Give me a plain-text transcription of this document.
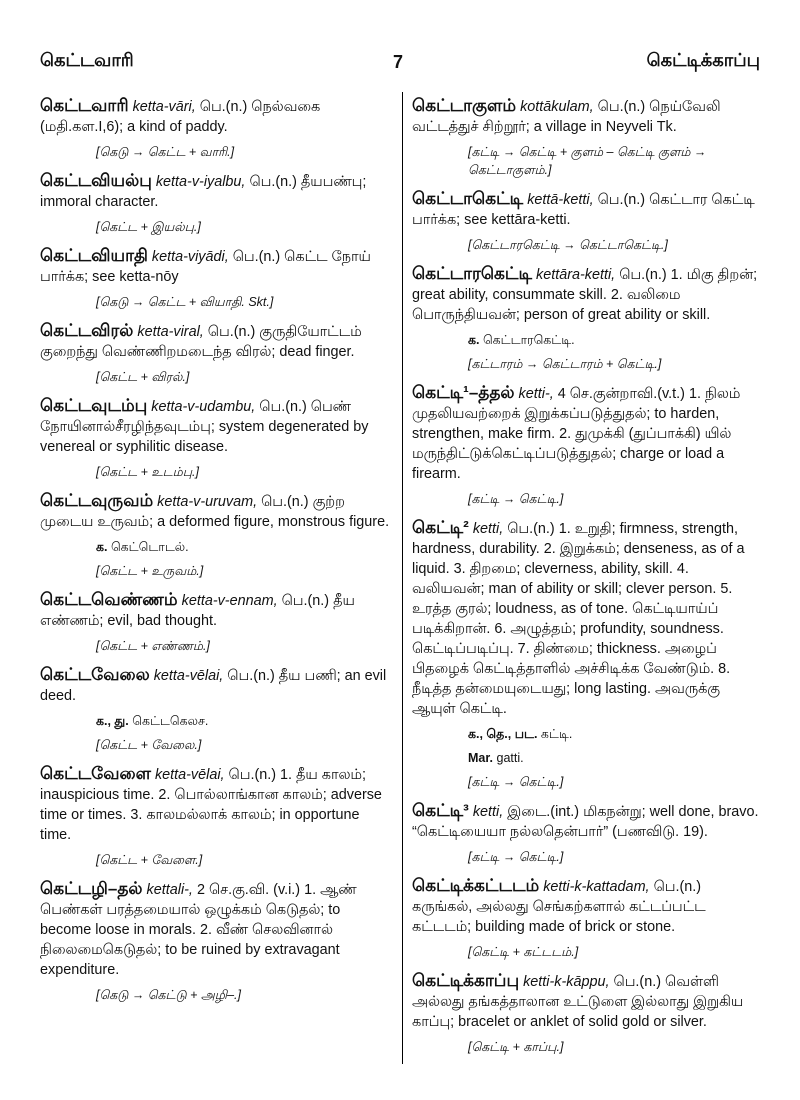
கெட்டவாரி	7	கெட்டிக்காப்பு
கெட்டவாரி ketta-vāri, பெ.(n.) நெல்வகை (மதி.கள.I,6); a kind of paddy.
[கெடு → கெட்ட + வாரி.]
கெட்டவியல்பு ketta-v-iyalbu, பெ.(n.) தீயபண்பு; immoral character.
[கெட்ட + இயல்பு.]
கெட்டவியாதி ketta-viyādi, பெ.(n.) கெட்ட நோய் பார்க்க; see ketta-nōy
[கெடு → கெட்ட + வியாதி. Skt.]
கெட்டவிரல் ketta-viral, பெ.(n.) குருதியோட்டம் குறைந்து வெண்ணிறமடைந்த விரல்; dead finger.
[கெட்ட + விரல்.]
கெட்டவுடம்பு ketta-v-udambu, பெ.(n.) பெண் நோயினால்சீரழிந்தவுடம்பு; system degenerated by venereal or syphilitic disease.
[கெட்ட + உடம்பு.]
கெட்டவுருவம் ketta-v-uruvam, பெ.(n.) குற்ற முடைய உருவம்; a deformed figure, monstrous figure.
க. கெட்டொடல்.
[கெட்ட + உருவம்.]
கெட்டவெண்ணம் ketta-v-ennam, பெ.(n.) தீய எண்ணம்; evil, bad thought.
[கெட்ட + எண்ணம்.]
கெட்டவேலை ketta-vēlai, பெ.(n.) தீய பணி; an evil deed.
க., து. கெட்டகெலச.
[கெட்ட + வேலை.]
கெட்டவேளை ketta-vēlai, பெ.(n.) 1. தீய காலம்; inauspicious time. 2. பொல்லாங்கான காலம்; adverse time or times. 3. காலமல்லாக் காலம்; in opportune time.
[கெட்ட + வேளை.]
கெட்டழி–தல் kettali-, 2 செ.கு.வி. (v.i.) 1. ஆண் பெண்கள் பரத்தமையால் ஒழுக்கம் கெடுதல்; to become loose in morals. 2. வீண் செலவினால் நிலைமைகெடுதல்; to be ruined by extravagant expenditure.
[கெடு → கெட்டு + அழி–.]
கெட்டாகுளம் kottākulam, பெ.(n.) நெய்வேலி வட்டத்துச் சிற்றூர்; a village in Neyveli Tk.
[கட்டி → கெட்டி + குளம் – கெட்டி குளம் → கெட்டாகுளம்.]
கெட்டாகெட்டி kettā-ketti, பெ.(n.) கெட்டார கெட்டி பார்க்க; see kettāra-ketti.
[கெட்டாரகெட்டி → கெட்டாகெட்டி.]
கெட்டாரகெட்டி kettāra-ketti, பெ.(n.) 1. மிகு திறன்; great ability, consummate skill. 2. வலிமை பொருந்தியவன்; person of great ability or skill.
க. கெட்டாரகெட்டி.
[கட்டாரம் → கெட்டாரம் + கெட்டி.]
கெட்டி¹–த்தல் ketti-, 4 செ.குன்றாவி.(v.t.) 1. நிலம் முதலியவற்றைக் இறுக்கப்படுத்துதல்; to harden, strengthen, make firm. 2. துமுக்கி (துப்பாக்கி) யில் மருந்திட்டுக்கெட்டிப்படுத்துதல்; charge or load a firearm.
[கட்டி → கெட்டி.]
கெட்டி² ketti, பெ.(n.) 1. உறுதி; firmness, strength, hardness, durability. 2. இறுக்கம்; denseness, as of a liquid. 3. திறமை; cleverness, ability, skill. 4. வலியவன்; man of ability or skill; clever person. 5. உரத்த குரல்; loudness, as of tone. கெட்டியாய்ப் படிக்கிறான். 6. அழுத்தம்; profundity, soundness. கெட்டிப்படிப்பு. 7. திண்மை; thickness. அழைப் பிதழைக் கெட்டித்தாளில் அச்சிடிக்க வேண்டும். 8. நீடித்த தன்மையுடையது; long lasting. அவருக்கு ஆயுள் கெட்டி.
க., தெ., பட. கட்டி.
Mar. gatti.
[கட்டி → கெட்டி.]
கெட்டி³ ketti, இடை.(int.) மிகநன்று; well done, bravo. “கெட்டியையா நல்லதென்பார்” (பணவிடு. 19).
[கட்டி → கெட்டி.]
கெட்டிக்கட்டடம் ketti-k-kattadam, பெ.(n.) கருங்கல், அல்லது செங்கற்களால் கட்டப்பட்ட கட்டடம்; building made of brick or stone.
[கெட்டி + கட்டடம்.]
கெட்டிக்காப்பு ketti-k-kāppu, பெ.(n.) வெள்ளி அல்லது தங்கத்தாலான உட்டுளை இல்லாது இறுகிய காப்பு; bracelet or anklet of solid gold or silver.
[கெட்டி + காப்பு.]
